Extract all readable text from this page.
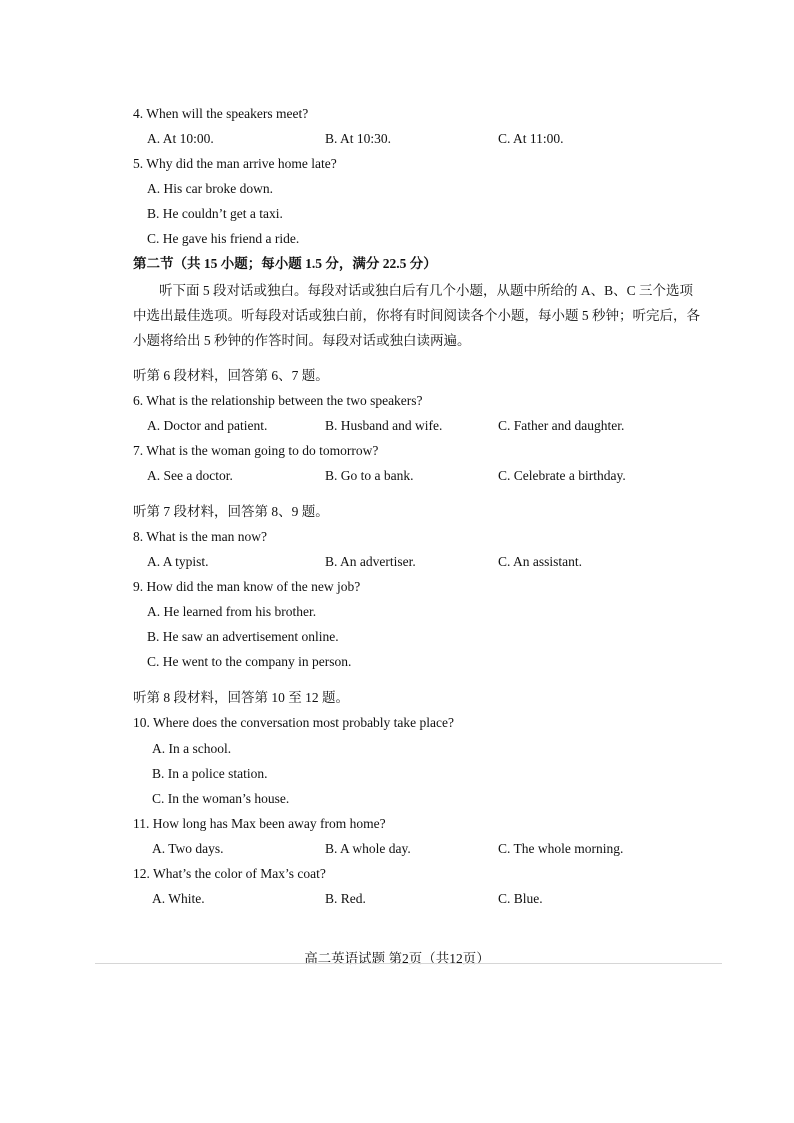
4. When will the speakers meet?
A. At 10:00.	B. At 10:30.	C. At 11:00.
5. Why did the man arrive home late?
A. His car broke down.
B. He couldn’t get a taxi.
C. He gave his friend a ride.
第二节（共 15 小题；每小题 1.5 分，满分 22.5 分）
听下面 5 段对话或独白。每段对话或独白后有几个小题，从题中所给的 A、B、C 三个选项中选出最佳选项。听每段对话或独白前，你将有时间阅读各个小题，每小题 5 秒钟；听完后，各小题将给出 5 秒钟的作答时间。每段对话或独白读两遍。
听第 6 段材料，回答第 6、7 题。
6. What is the relationship between the two speakers?
A. Doctor and patient.	B. Husband and wife.	C. Father and daughter.
7. What is the woman going to do tomorrow?
A. See a doctor.	B. Go to a bank.	C. Celebrate a birthday.
听第 7 段材料，回答第 8、9 题。
8. What is the man now?
A. A typist.	B. An advertiser.	C. An assistant.
9. How did the man know of the new job?
A. He learned from his brother.
B. He saw an advertisement online.
C. He went to the company in person.
听第 8 段材料，回答第 10 至 12 题。
10. Where does the conversation most probably take place?
A. In a school.
B. In a police station.
C. In the woman’s house.
11. How long has Max been away from home?
A. Two days.	B. A whole day.	C. The whole morning.
12. What’s the color of Max’s coat?
A. White.	B. Red.	C. Blue.
高二英语试题 第2页（共12页）
